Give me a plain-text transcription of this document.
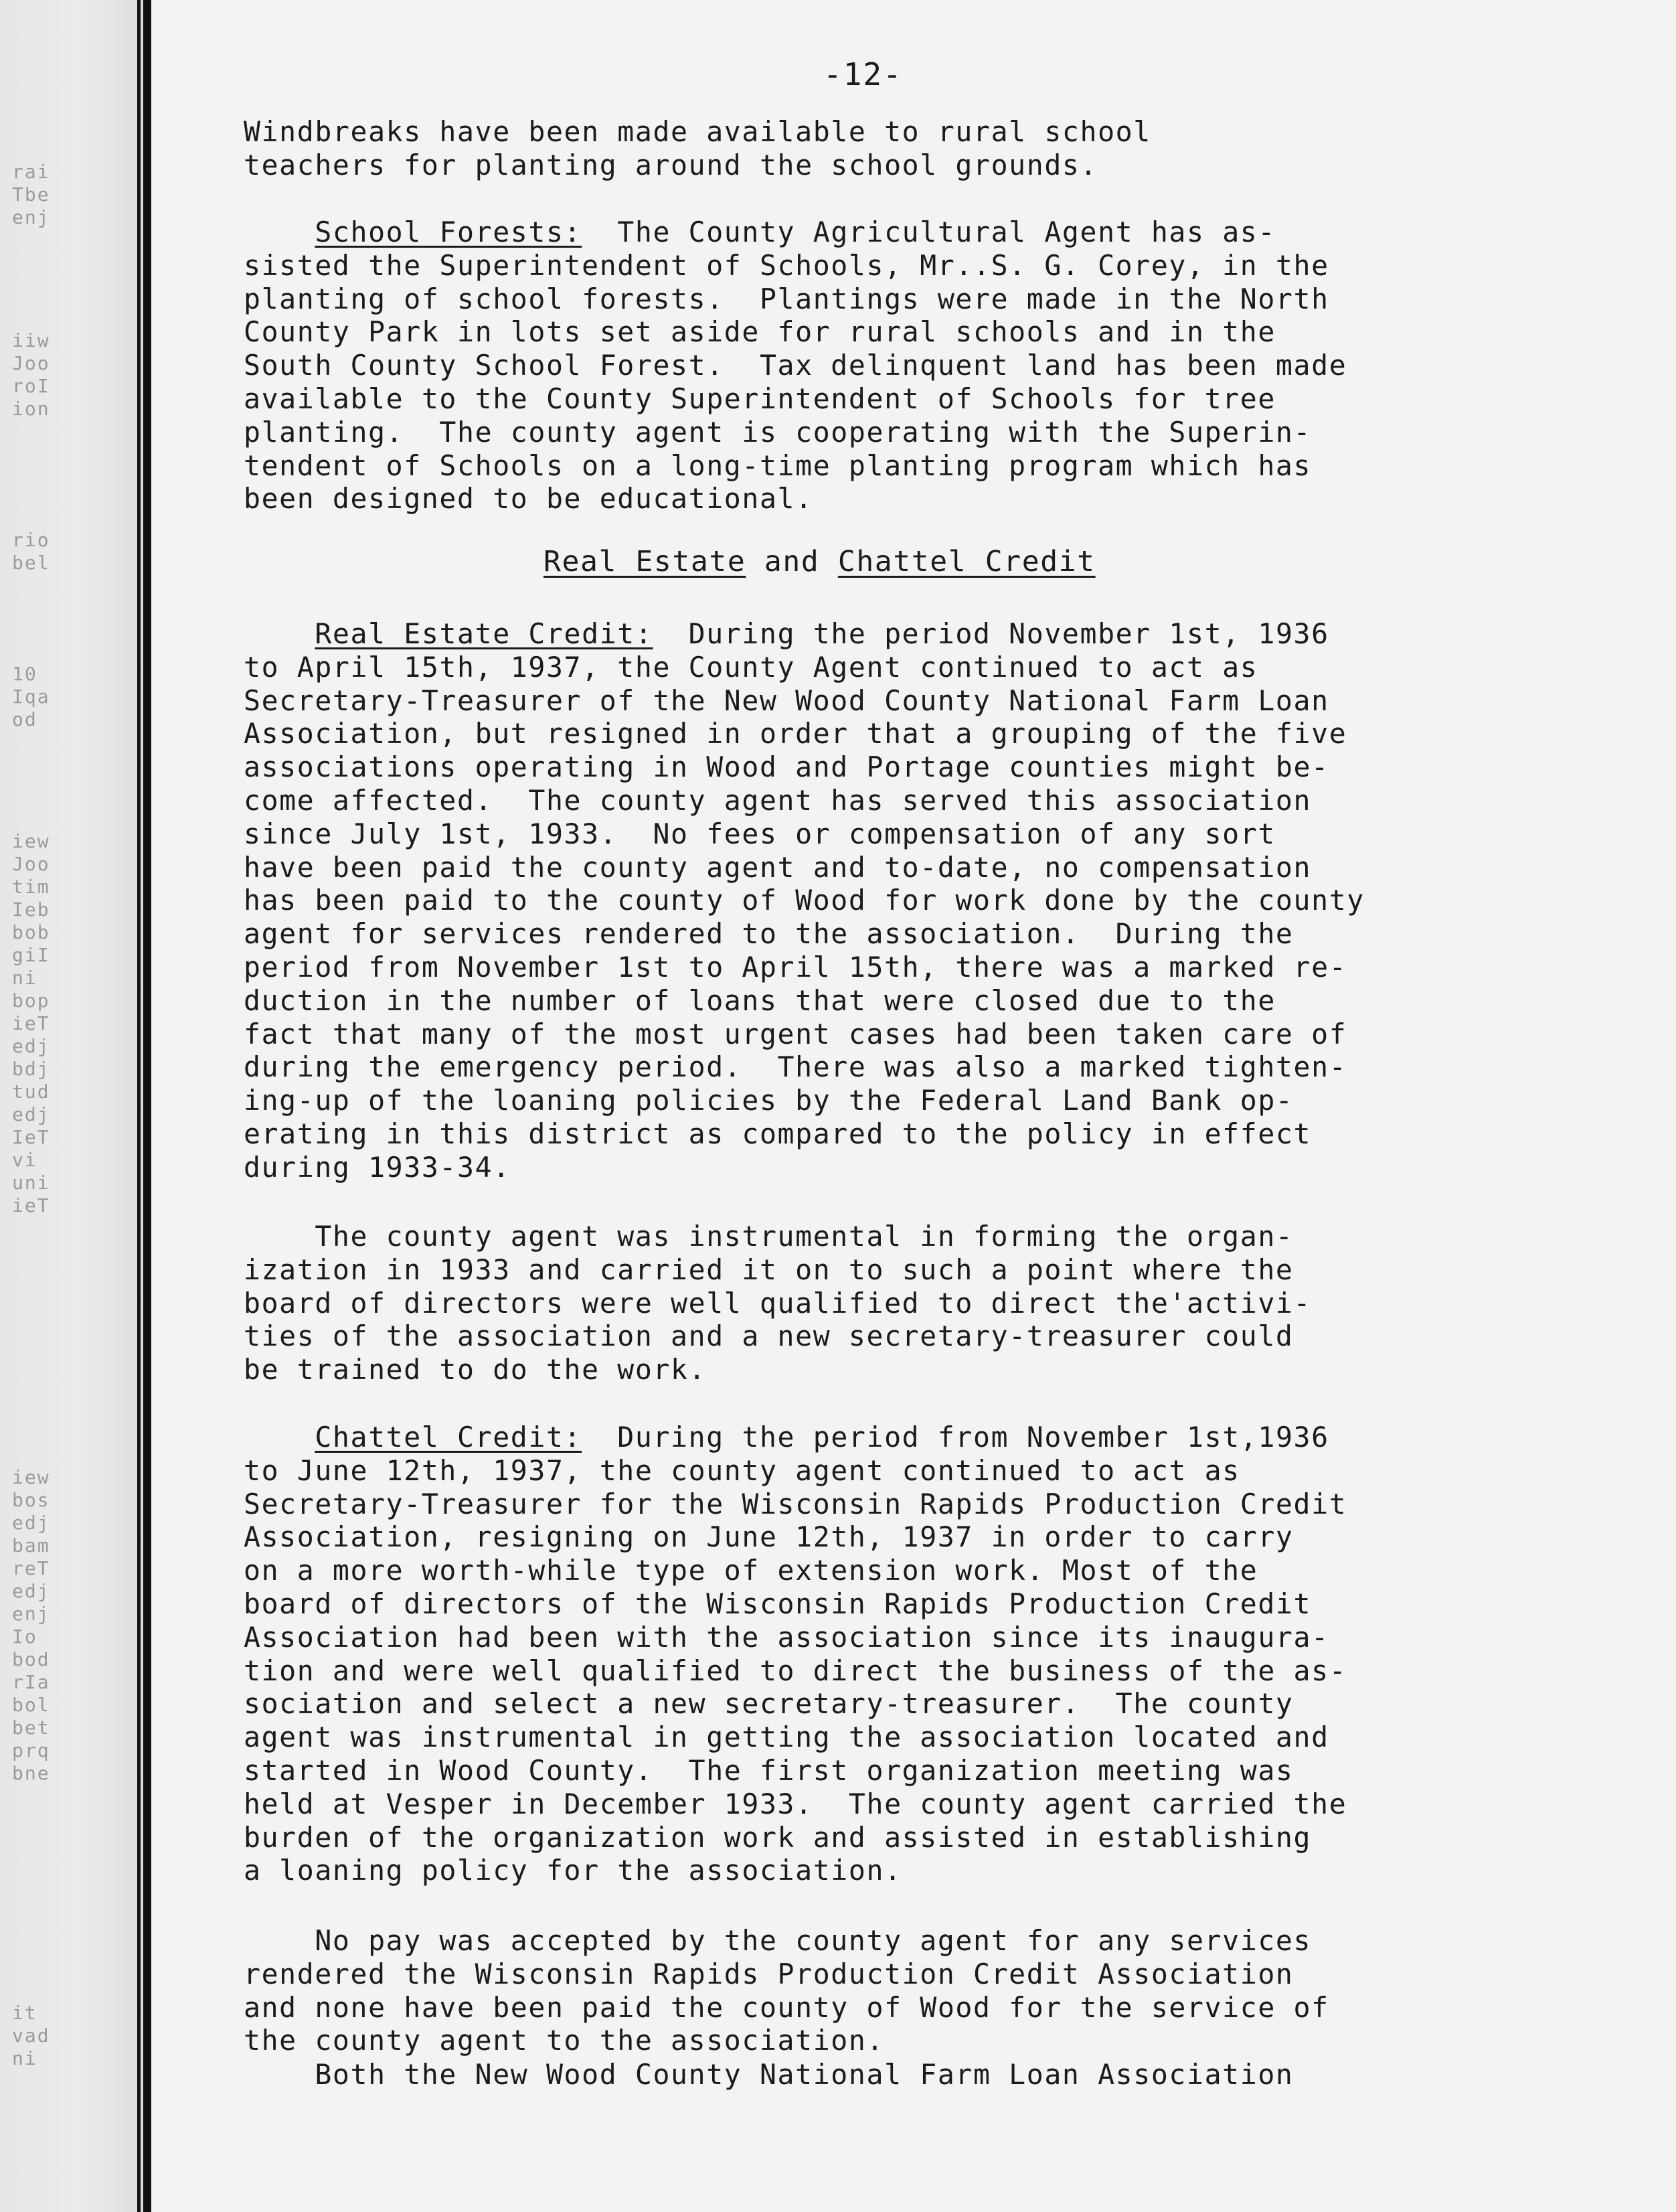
rai
Tbe
enj
iiw
Joo
roI
ion
rio
bel
10
Iqa
od
iew
Joo
tim
Ieb
bob
giI
ni
bop
ieT
edj
bdj
tud
edj
IeT
vi
uni
ieT
iew
bos
edj
bam
reT
edj
enj
Io
bod
rIa
bol
bet
prq
bne
it
vad
ni
-12-
Windbreaks have been made available to rural school
teachers for planting around the school grounds.
School Forests:  The County Agricultural Agent has as-
sisted the Superintendent of Schools, Mr..S. G. Corey, in the
planting of school forests.  Plantings were made in the North
County Park in lots set aside for rural schools and in the
South County School Forest.  Tax delinquent land has been made
available to the County Superintendent of Schools for tree
planting.  The county agent is cooperating with the Superin-
tendent of Schools on a long-time planting program which has
been designed to be educational.
Real Estate and Chattel Credit
Real Estate Credit:  During the period November 1st, 1936
to April 15th, 1937, the County Agent continued to act as
Secretary-Treasurer of the New Wood County National Farm Loan
Association, but resigned in order that a grouping of the five
associations operating in Wood and Portage counties might be-
come affected.  The county agent has served this association
since July 1st, 1933.  No fees or compensation of any sort
have been paid the county agent and to-date, no compensation
has been paid to the county of Wood for work done by the county
agent for services rendered to the association.  During the
period from November 1st to April 15th, there was a marked re-
duction in the number of loans that were closed due to the
fact that many of the most urgent cases had been taken care of
during the emergency period.  There was also a marked tighten-
ing-up of the loaning policies by the Federal Land Bank op-
erating in this district as compared to the policy in effect
during 1933-34.
The county agent was instrumental in forming the organ-
ization in 1933 and carried it on to such a point where the
board of directors were well qualified to direct the'activi-
ties of the association and a new secretary-treasurer could
be trained to do the work.
Chattel Credit:  During the period from November 1st,1936
to June 12th, 1937, the county agent continued to act as
Secretary-Treasurer for the Wisconsin Rapids Production Credit
Association, resigning on June 12th, 1937 in order to carry
on a more worth-while type of extension work. Most of the
board of directors of the Wisconsin Rapids Production Credit
Association had been with the association since its inaugura-
tion and were well qualified to direct the business of the as-
sociation and select a new secretary-treasurer.  The county
agent was instrumental in getting the association located and
started in Wood County.  The first organization meeting was
held at Vesper in December 1933.  The county agent carried the
burden of the organization work and assisted in establishing
a loaning policy for the association.
No pay was accepted by the county agent for any services
rendered the Wisconsin Rapids Production Credit Association
and none have been paid the county of Wood for the service of
the county agent to the association.
Both the New Wood County National Farm Loan Association
